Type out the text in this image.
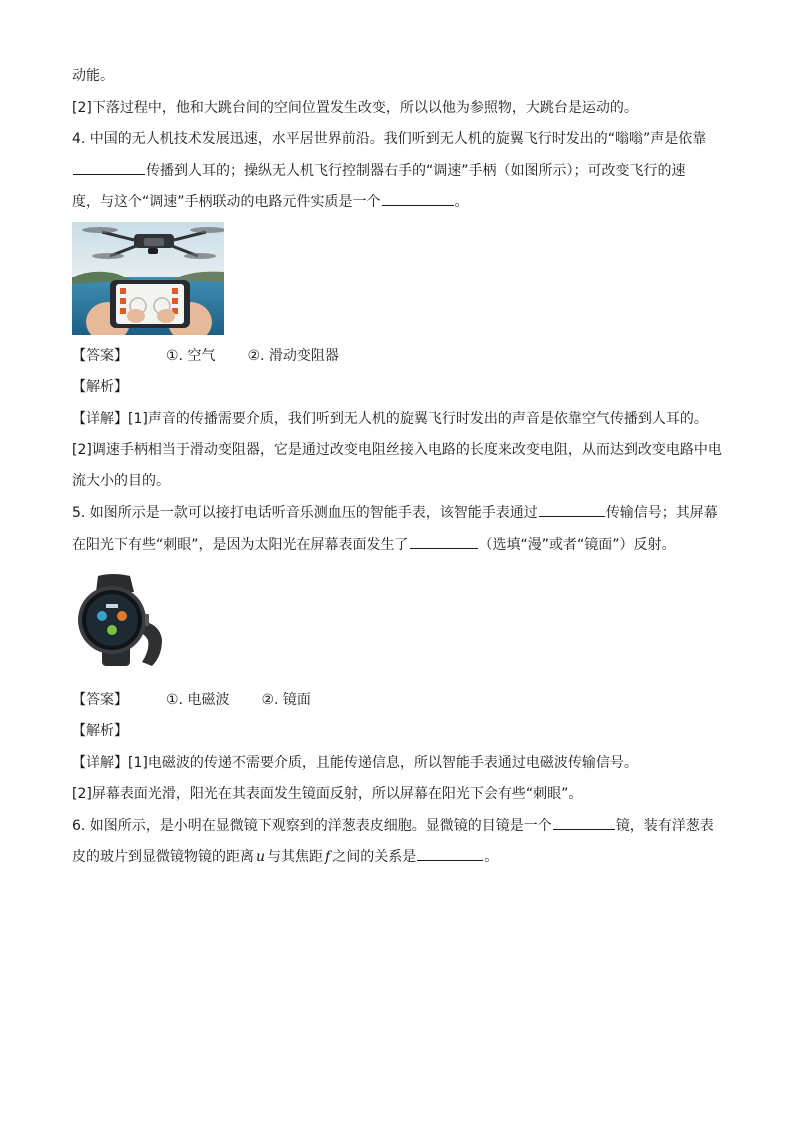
动能。
[2]下落过程中，他和大跳台间的空间位置发生改变，所以以他为参照物，大跳台是运动的。
4. 中国的无人机技术发展迅速，水平居世界前沿。我们听到无人机的旋翼飞行时发出的“嗡嗡”声是依靠
传播到人耳的；操纵无人机飞行控制器右手的“调速”手柄（如图所示）；可改变飞行的速
度，与这个“调速”手柄联动的电路元件实质是一个	。
【答案】	①. 空气 ②. 滑动变阻器
【解析】
【详解】[1]声音的传播需要介质，我们听到无人机的旋翼飞行时发出的声音是依靠空气传播到人耳的。
[2]调速手柄相当于滑动变阻器，它是通过改变电阻丝接入电路的长度来改变电阻，从而达到改变电路中电
流大小的目的。
5. 如图所示是一款可以接打电话听音乐测血压的智能手表，该智能手表通过	传输信号；其屏幕
在阳光下有些“刺眼”，是因为太阳光在屏幕表面发生了	（选填“漫”或者“镜面”）反射。
【答案】	①. 电磁波 ②. 镜面
【解析】
【详解】[1]电磁波的传递不需要介质，且能传递信息，所以智能手表通过电磁波传输信号。
[2]屏幕表面光滑，阳光在其表面发生镜面反射，所以屏幕在阳光下会有些“刺眼”。
6. 如图所示，是小明在显微镜下观察到的洋葱表皮细胞。显微镜的目镜是一个	镜，装有洋葱表
皮的玻片到显微镜物镜的距离 u 与其焦距 f 之间的关系是	。
